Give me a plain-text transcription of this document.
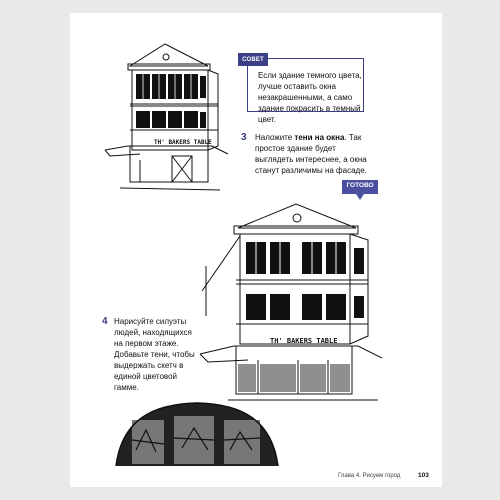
TH' BAKERS TABLE
СОВЕТ
Если здание темного цвета, лучше оставить окна незакрашенными, а само здание покрасить в темный цвет.
3 Наложите тени на окна. Так простое здание будет выглядеть интереснее, а окна станут различимы на фасаде.
ГОТОВО
TH' BAKERS TABLE
4 Нарисуйте силуэты людей, находящихся на первом этаже. Добавьте тени, чтобы выдержать скетч в единой цветовой гамме.
Глава 4. Рисуем город	103
